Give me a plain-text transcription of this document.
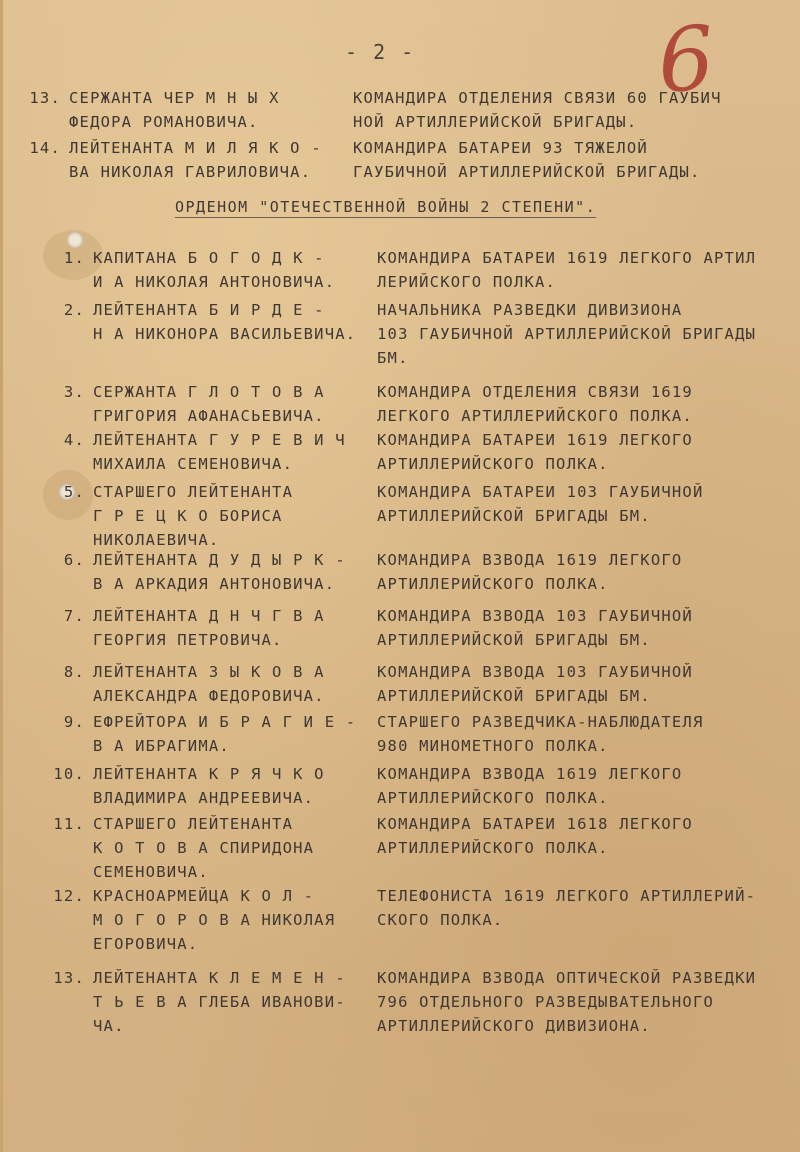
- 2 -	6
13. СЕРЖАНТА ЧЕР М Н Ы Х
ФЕДОРА РОМАНОВИЧА.
КОМАНДИРА ОТДЕЛЕНИЯ СВЯЗИ 60 ГАУБИЧ
НОЙ АРТИЛЛЕРИЙСКОЙ БРИГАДЫ.
14. ЛЕЙТЕНАНТА М И Л Я К О -
ВА НИКОЛАЯ ГАВРИЛОВИЧА.
КОМАНДИРА БАТАРЕИ 93 ТЯЖЕЛОЙ
ГАУБИЧНОЙ АРТИЛЛЕРИЙСКОЙ БРИГАДЫ.
ОРДЕНОМ "ОТЕЧЕСТВЕННОЙ ВОЙНЫ 2 СТЕПЕНИ".
1. КАПИТАНА Б О Г О Д К -
И А НИКОЛАЯ АНТОНОВИЧА.
КОМАНДИРА БАТАРЕИ 1619 ЛЕГКОГО АРТИЛ
ЛЕРИЙСКОГО ПОЛКА.
2. ЛЕЙТЕНАНТА Б И Р Д Е -
Н А НИКОНОРА ВАСИЛЬЕВИЧА.
НАЧАЛЬНИКА РАЗВЕДКИ ДИВИЗИОНА
103 ГАУБИЧНОЙ АРТИЛЛЕРИЙСКОЙ БРИГАДЫ
БМ.
3. СЕРЖАНТА Г Л О Т О В А
ГРИГОРИЯ АФАНАСЬЕВИЧА.
КОМАНДИРА ОТДЕЛЕНИЯ СВЯЗИ 1619
ЛЕГКОГО АРТИЛЛЕРИЙСКОГО ПОЛКА.
4. ЛЕЙТЕНАНТА Г У Р Е В И Ч
МИХАИЛА СЕМЕНОВИЧА.
КОМАНДИРА БАТАРЕИ 1619 ЛЕГКОГО
АРТИЛЛЕРИЙСКОГО ПОЛКА.
5. СТАРШЕГО ЛЕЙТЕНАНТА
Г Р Е Ц К О БОРИСА
НИКОЛАЕВИЧА.
КОМАНДИРА БАТАРЕИ 103 ГАУБИЧНОЙ
АРТИЛЛЕРИЙСКОЙ БРИГАДЫ БМ.
6. ЛЕЙТЕНАНТА Д У Д Ы Р К -
В А АРКАДИЯ АНТОНОВИЧА.
КОМАНДИРА ВЗВОДА 1619 ЛЕГКОГО
АРТИЛЛЕРИЙСКОГО ПОЛКА.
7. ЛЕЙТЕНАНТА Д Н Ч Г В А
ГЕОРГИЯ ПЕТРОВИЧА.
КОМАНДИРА ВЗВОДА 103 ГАУБИЧНОЙ
АРТИЛЛЕРИЙСКОЙ БРИГАДЫ БМ.
8. ЛЕЙТЕНАНТА З Ы К О В А
АЛЕКСАНДРА ФЕДОРОВИЧА.
КОМАНДИРА ВЗВОДА 103 ГАУБИЧНОЙ
АРТИЛЛЕРИЙСКОЙ БРИГАДЫ БМ.
9. ЕФРЕЙТОРА И Б Р А Г И Е -
В А ИБРАГИМА.
СТАРШЕГО РАЗВЕДЧИКА-НАБЛЮДАТЕЛЯ
980 МИНОМЕТНОГО ПОЛКА.
10. ЛЕЙТЕНАНТА К Р Я Ч К О
ВЛАДИМИРА АНДРЕЕВИЧА.
КОМАНДИРА ВЗВОДА 1619 ЛЕГКОГО
АРТИЛЛЕРИЙСКОГО ПОЛКА.
11. СТАРШЕГО ЛЕЙТЕНАНТА
К О Т О В А СПИРИДОНА
СЕМЕНОВИЧА.
КОМАНДИРА БАТАРЕИ 1618 ЛЕГКОГО
АРТИЛЛЕРИЙСКОГО ПОЛКА.
12. КРАСНОАРМЕЙЦА К О Л -
М О Г О Р О В А НИКОЛАЯ
ЕГОРОВИЧА.
ТЕЛЕФОНИСТА 1619 ЛЕГКОГО АРТИЛЛЕРИЙ-
СКОГО ПОЛКА.
13. ЛЕЙТЕНАНТА К Л Е М Е Н -
Т Ь Е В А ГЛЕБА ИВАНОВИ-
ЧА.
КОМАНДИРА ВЗВОДА ОПТИЧЕСКОЙ РАЗВЕДКИ
796 ОТДЕЛЬНОГО РАЗВЕДЫВАТЕЛЬНОГО
АРТИЛЛЕРИЙСКОГО ДИВИЗИОНА.
